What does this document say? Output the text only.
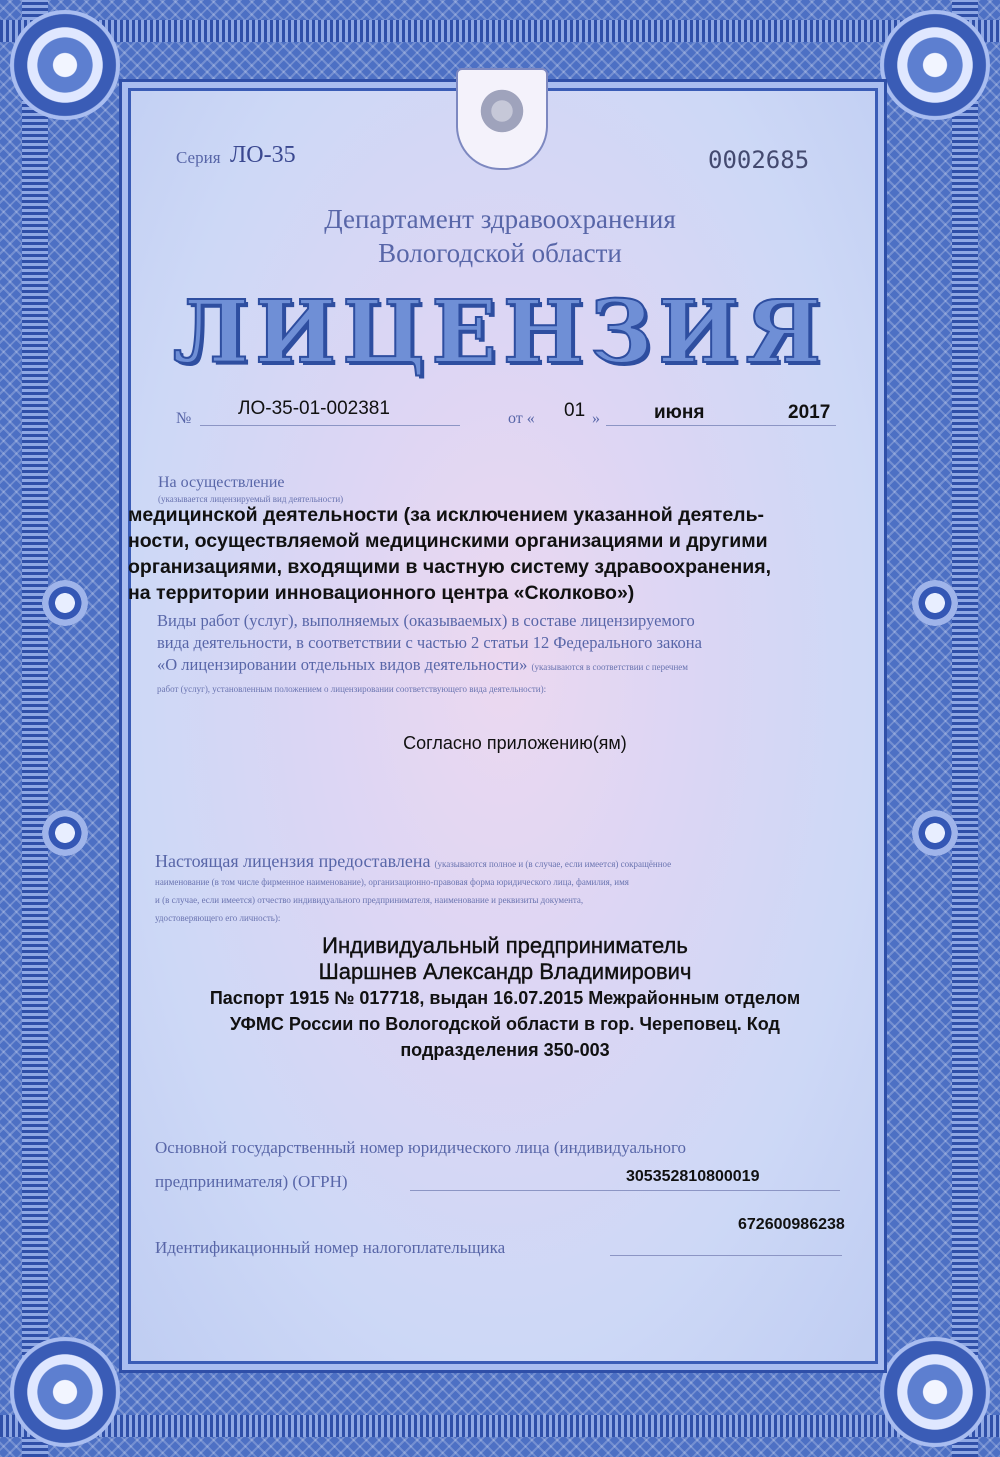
Серия ЛО-35	0002685
Департамент здравоохранения
Вологодской области
ЛИЦЕНЗИЯ
№ ЛО-35-01-002381	от « 01 »	июня	2017
На осуществление
(указывается лицензируемый вид деятельности)
медицинской деятельности (за исключением указанной деятель-
ности, осуществляемой медицинскими организациями и другими
организациями, входящими в частную систему здравоохранения,
на территории инновационного центра «Сколково»)
Виды работ (услуг), выполняемых (оказываемых) в составе лицензируемого
вида деятельности, в соответствии с частью 2 статьи 12 Федерального закона
«О лицензировании отдельных видов деятельности» (указываются в соответствии с перечнем
работ (услуг), установленным положением о лицензировании соответствующего вида деятельности):
Согласно приложению(ям)
Настоящая лицензия предоставлена (указываются полное и (в случае, если имеется) сокращённое
наименование (в том числе фирменное наименование), организационно-правовая форма юридического лица, фамилия, имя
и (в случае, если имеется) отчество индивидуального предпринимателя, наименование и реквизиты документа,
удостоверяющего его личность):
Индивидуальный предприниматель
Шаршнев Александр Владимирович
Паспорт 1915 № 017718, выдан 16.07.2015 Межрайонным отделом
УФМС России по Вологодской области в гор. Череповец. Код
подразделения 350-003
Основной государственный номер юридического лица (индивидуального
предпринимателя) (ОГРН)	305352810800019
672600986238
Идентификационный номер налогоплательщика
